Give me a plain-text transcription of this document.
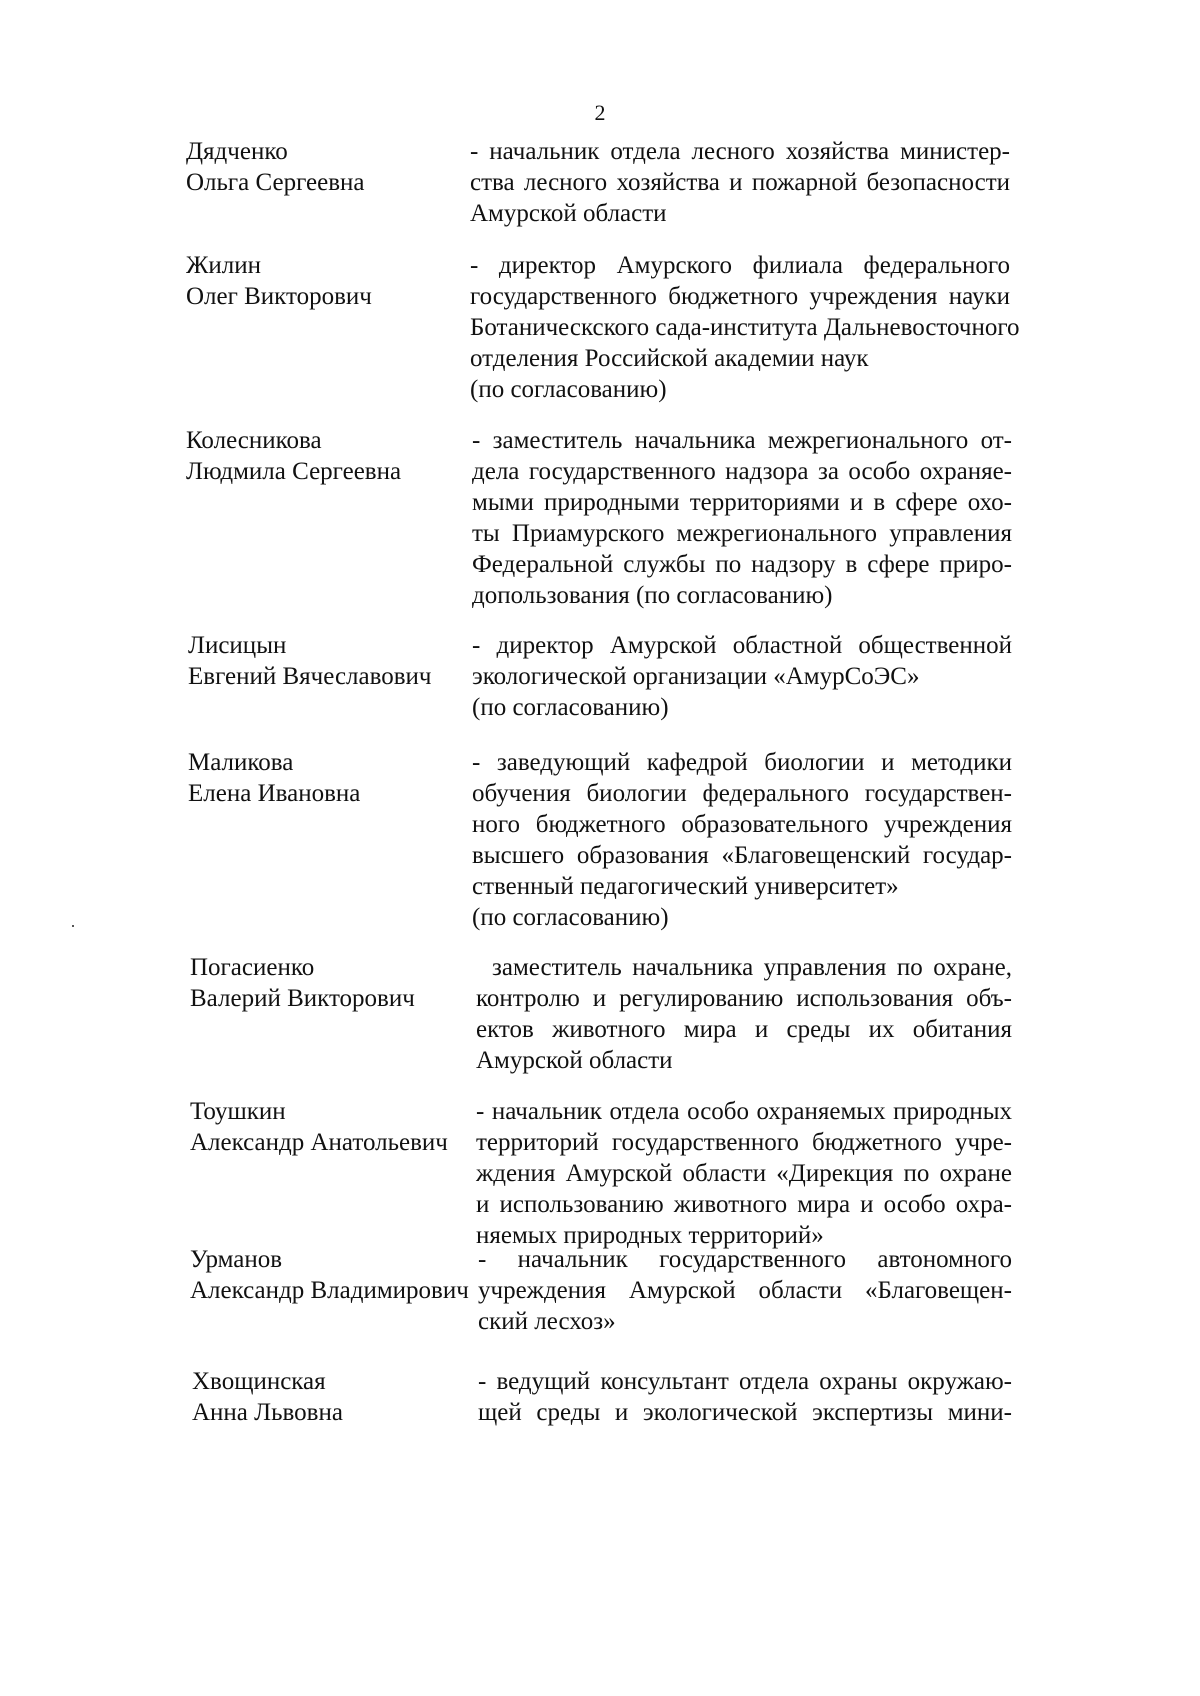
2
Дядченко
Ольга Сергеевна
- начальник отдела лесного хозяйства министер-
ства лесного хозяйства и пожарной безопасности
Амурской области
Жилин
Олег Викторович
- директор Амурского филиала федерального
государственного бюджетного учреждения науки
Ботаническского сада-института Дальневосточного
отделения Российской академии наук
(по согласованию)
Колесникова
Людмила Сергеевна
- заместитель начальника межрегионального от-
дела государственного надзора за особо охраняе-
мыми природными территориями и в сфере охо-
ты Приамурского межрегионального управления
Федеральной службы по надзору в сфере приро-
допользования (по согласованию)
Лисицын
Евгений Вячеславович
- директор Амурской областной общественной
экологической организации «АмурСоЭС»
(по согласованию)
Маликова
Елена Ивановна
- заведующий кафедрой биологии и методики
обучения биологии федерального государствен-
ного бюджетного образовательного учреждения
высшего образования «Благовещенский государ-
ственный педагогический университет»
(по согласованию)
Погасиенко
Валерий Викторович
заместитель начальника управления по охране,
контролю и регулированию использования объ-
ектов животного мира и среды их обитания
Амурской области
Тоушкин
Александр Анатольевич
- начальник отдела особо охраняемых природных
территорий государственного бюджетного учре-
ждения Амурской области «Дирекция по охране
и использованию животного мира и особо охра-
няемых природных территорий»
Урманов
Александр Владимирович
- начальник государственного автономного
учреждения Амурской области «Благовещен-
ский лесхоз»
Хвощинская
Анна Львовна
- ведущий консультант отдела охраны окружаю-
щей среды и экологической экспертизы мини-
